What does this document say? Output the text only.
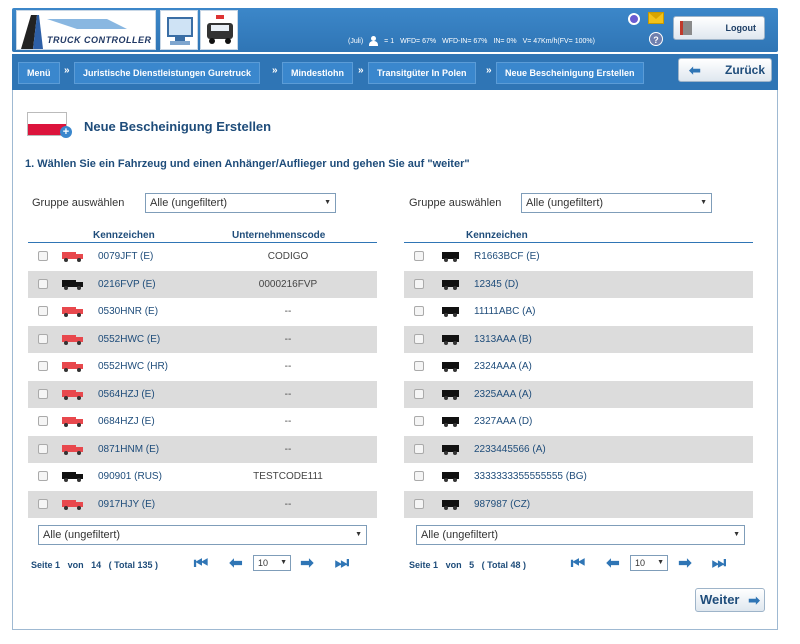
TRUCK CONTROLLER	(Juli)	= 1 WFD= 67% WFD-IN= 67% IN= 0% V= 47Km/h(FV= 100%)	?
Logout
Menü	»	Juristische Dienstleistungen Guretruck	»	Mindestlohn	»	Transitgüter In Polen	»	Neue Bescheinigung Erstellen	⬅ Zurück
+ Neue Bescheinigung Erstellen
1. Wählen Sie ein Fahrzeug und einen Anhänger/Auflieger und gehen Sie auf "weiter"
Gruppe auswählen	Alle (ungefiltert)	▼	Gruppe auswählen	Alle (ungefiltert)	▼
Kennzeichen	Unternehmenscode	Kennzeichen
0079JFT (E)	CODIGO
0216FVP (E)	0000216FVP
0530HNR (E)	--
0552HWC (E)	--
0552HWC (HR)	--
0564HZJ (E)	--
0684HZJ (E)	--
0871HNM (E)	--
090901 (RUS)	TESTCODE111
0917HJY (E)	--
R1663BCF (E)
12345 (D)
11111ABC (A)
1313AAA (B)
2324AAA (A)
2325AAA (A)
2327AAA (D)
2233445566 (A)
3333333355555555 (BG)
987987 (CZ)
Alle (ungefiltert)	▼	Alle (ungefiltert)	▼
Seite 1 von 14 ( Total 135 ) ⏮ ⬅	10 ▼ ➡ ⏭	Seite 1 von 5 ( Total 48 )	⏮ ⬅	10 ▼ ➡ ⏭
Weiter ➡
